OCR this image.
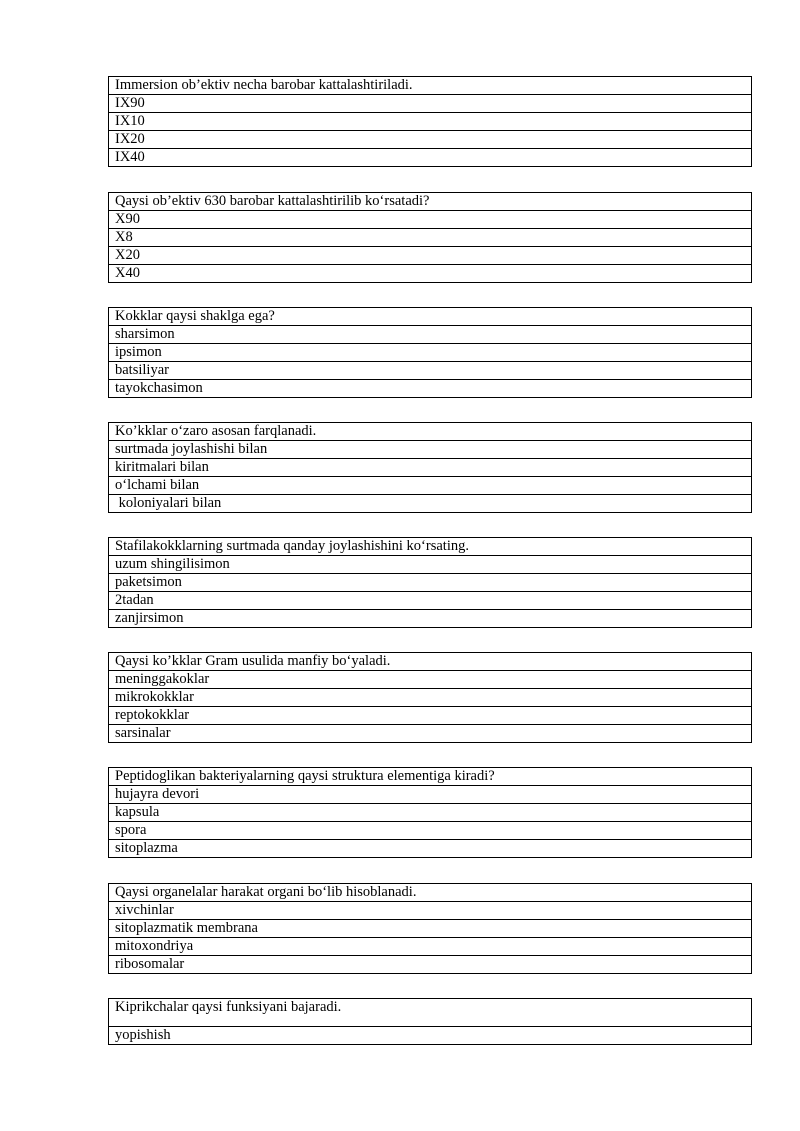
Immersion ob’ektiv necha barobar kattalashtiriladi.
IX90
IX10
IX20
IX40
Qaysi ob’ektiv 630 barobar kattalashtirilib ko‘rsatadi?
X90
X8
X20
X40
Kokklar qaysi shaklga ega?
sharsimon
ipsimon
batsiliyar
tayokchasimon
Ko’kklar o‘zaro asosan farqlanadi.
surtmada joylashishi bilan
kiritmalari bilan
o‘lchami bilan
koloniyalari bilan
Stafilakokklarning surtmada qanday joylashishini ko‘rsating.
uzum shingilisimon
paketsimon
2tadan
zanjirsimon
Qaysi ko’kklar Gram usulida manfiy bo‘yaladi.
meninggakoklar
mikrokokklar
reptokokklar
sarsinalar
Peptidoglikan bakteriyalarning qaysi struktura elementiga kiradi?
hujayra devori
kapsula
spora
sitoplazma
Qaysi organelalar harakat organi bo‘lib hisoblanadi.
xivchinlar
sitoplazmatik membrana
mitoxondriya
ribosomalar
Kiprikchalar qaysi funksiyani bajaradi.
yopishish
